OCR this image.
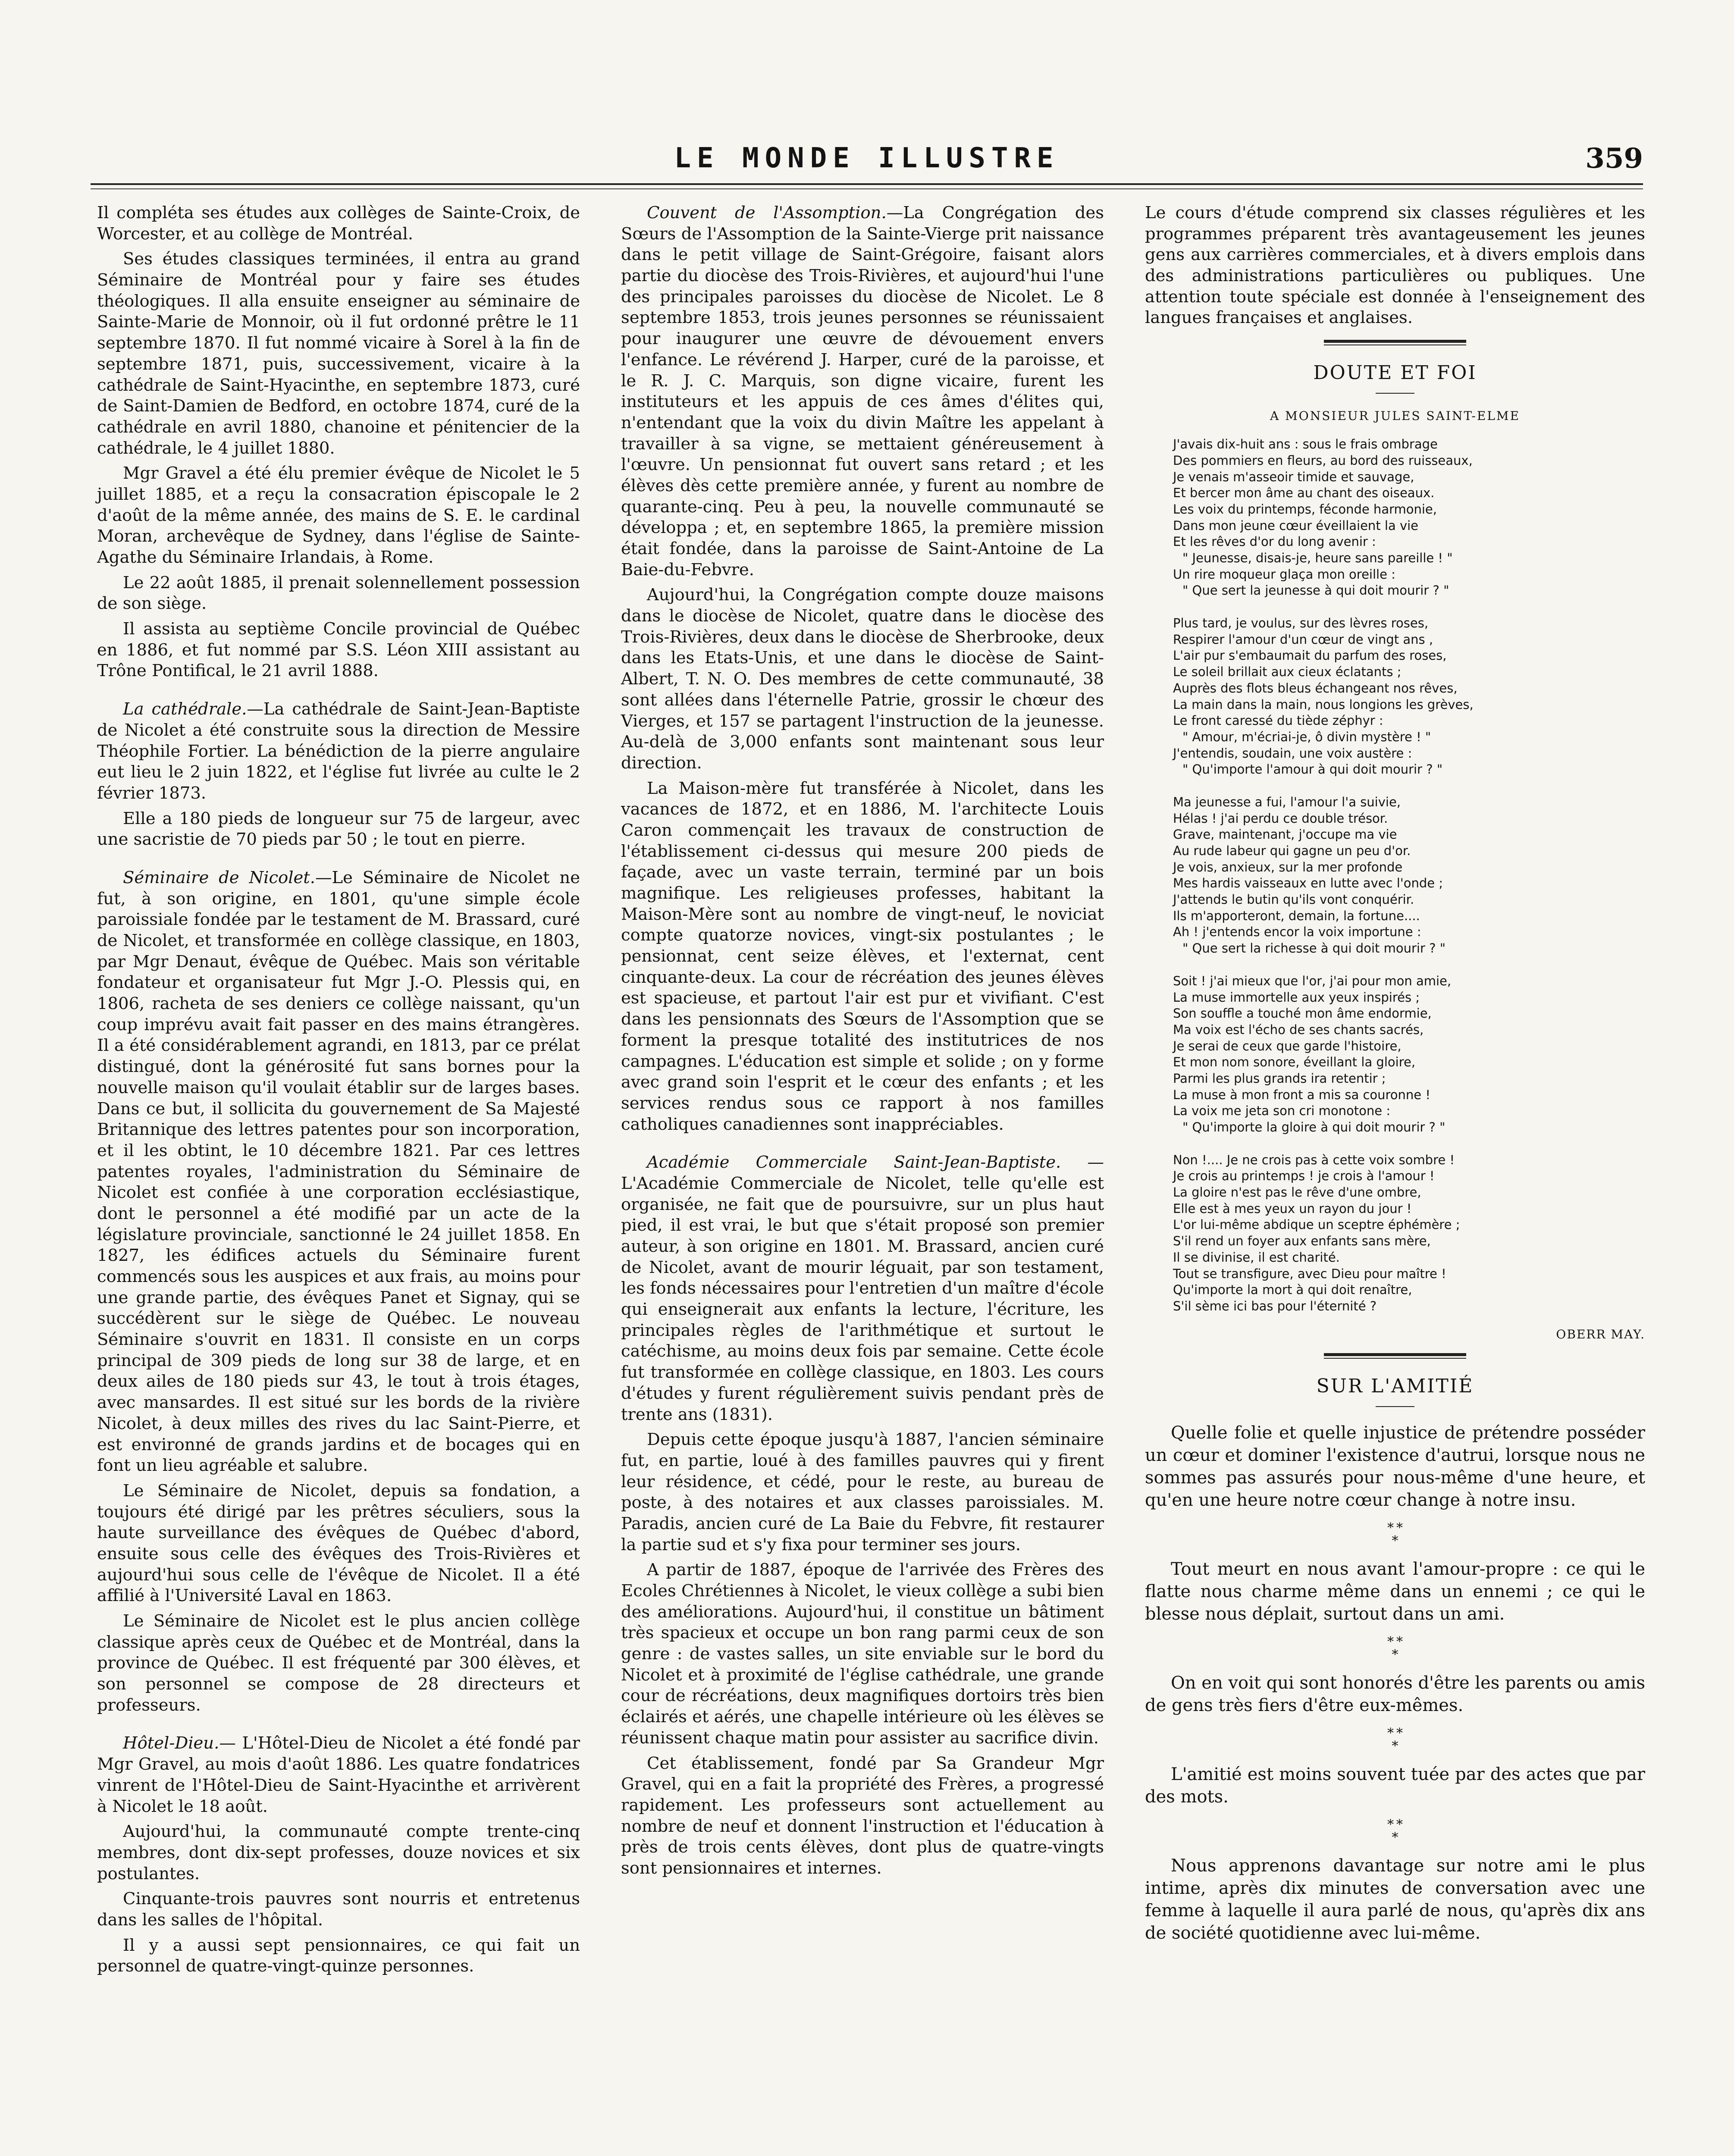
LE MONDE ILLUSTRE	359

Il compléta ses études aux collèges de Sainte-Croix, de Worcester, et au collège de Montréal.

Ses études classiques terminées, il entra au grand Séminaire de Montréal pour y faire ses études théologiques. Il alla ensuite enseigner au séminaire de Sainte-Marie de Monnoir, où il fut ordonné prêtre le 11 septembre 1870. Il fut nommé vicaire à Sorel à la fin de septembre 1871, puis, successivement, vicaire à la cathédrale de Saint-Hyacinthe, en septembre 1873, curé de Saint-Damien de Bedford, en octobre 1874, curé de la cathédrale en avril 1880, chanoine et pénitencier de la cathédrale, le 4 juillet 1880.

Mgr Gravel a été élu premier évêque de Nicolet le 5 juillet 1885, et a reçu la consacration épiscopale le 2 d'août de la même année, des mains de S. E. le cardinal Moran, archevêque de Sydney, dans l'église de Sainte-Agathe du Séminaire Irlandais, à Rome.

Le 22 août 1885, il prenait solennellement possession de son siège.

Il assista au septième Concile provincial de Québec en 1886, et fut nommé par S.S. Léon XIII assistant au Trône Pontifical, le 21 avril 1888.

La cathédrale.—La cathédrale de Saint-Jean-Baptiste de Nicolet a été construite sous la direction de Messire Théophile Fortier. La bénédiction de la pierre angulaire eut lieu le 2 juin 1822, et l'église fut livrée au culte le 2 février 1873.

Elle a 180 pieds de longueur sur 75 de largeur, avec une sacristie de 70 pieds par 50 ; le tout en pierre.

Séminaire de Nicolet.—Le Séminaire de Nicolet ne fut, à son origine, en 1801, qu'une simple école paroissiale fondée par le testament de M. Brassard, curé de Nicolet, et transformée en collège classique, en 1803, par Mgr Denaut, évêque de Québec. Mais son véritable fondateur et organisateur fut Mgr J.-O. Plessis qui, en 1806, racheta de ses deniers ce collège naissant, qu'un coup imprévu avait fait passer en des mains étrangères. Il a été considérablement agrandi, en 1813, par ce prélat distingué, dont la générosité fut sans bornes pour la nouvelle maison qu'il voulait établir sur de larges bases. Dans ce but, il sollicita du gouvernement de Sa Majesté Britannique des lettres patentes pour son incorporation, et il les obtint, le 10 décembre 1821. Par ces lettres patentes royales, l'administration du Séminaire de Nicolet est confiée à une corporation ecclésiastique, dont le personnel a été modifié par un acte de la législature provinciale, sanctionné le 24 juillet 1858. En 1827, les édifices actuels du Séminaire furent commencés sous les auspices et aux frais, au moins pour une grande partie, des évêques Panet et Signay, qui se succédèrent sur le siège de Québec. Le nouveau Séminaire s'ouvrit en 1831. Il consiste en un corps principal de 309 pieds de long sur 38 de large, et en deux ailes de 180 pieds sur 43, le tout à trois étages, avec mansardes. Il est situé sur les bords de la rivière Nicolet, à deux milles des rives du lac Saint-Pierre, et est environné de grands jardins et de bocages qui en font un lieu agréable et salubre.

Le Séminaire de Nicolet, depuis sa fondation, a toujours été dirigé par les prêtres séculiers, sous la haute surveillance des évêques de Québec d'abord, ensuite sous celle des évêques des Trois-Rivières et aujourd'hui sous celle de l'évêque de Nicolet. Il a été affilié à l'Université Laval en 1863.

Le Séminaire de Nicolet est le plus ancien collège classique après ceux de Québec et de Montréal, dans la province de Québec. Il est fréquenté par 300 élèves, et son personnel se compose de 28 directeurs et professeurs.

Hôtel-Dieu.— L'Hôtel-Dieu de Nicolet a été fondé par Mgr Gravel, au mois d'août 1886. Les quatre fondatrices vinrent de l'Hôtel-Dieu de Saint-Hyacinthe et arrivèrent à Nicolet le 18 août.

Aujourd'hui, la communauté compte trente-cinq membres, dont dix-sept professes, douze novices et six postulantes.

Cinquante-trois pauvres sont nourris et entretenus dans les salles de l'hôpital.

Il y a aussi sept pensionnaires, ce qui fait un personnel de quatre-vingt-quinze personnes.

Couvent de l'Assomption.—La Congrégation des Sœurs de l'Assomption de la Sainte-Vierge prit naissance dans le petit village de Saint-Grégoire, faisant alors partie du diocèse des Trois-Rivières, et aujourd'hui l'une des principales paroisses du diocèse de Nicolet. Le 8 septembre 1853, trois jeunes personnes se réunissaient pour inaugurer une œuvre de dévouement envers l'enfance. Le révérend J. Harper, curé de la paroisse, et le R. J. C. Marquis, son digne vicaire, furent les instituteurs et les appuis de ces âmes d'élites qui, n'entendant que la voix du divin Maître les appelant à travailler à sa vigne, se mettaient généreusement à l'œuvre. Un pensionnat fut ouvert sans retard ; et les élèves dès cette première année, y furent au nombre de quarante-cinq. Peu à peu, la nouvelle communauté se développa ; et, en septembre 1865, la première mission était fondée, dans la paroisse de Saint-Antoine de La Baie-du-Febvre.

Aujourd'hui, la Congrégation compte douze maisons dans le diocèse de Nicolet, quatre dans le diocèse des Trois-Rivières, deux dans le diocèse de Sherbrooke, deux dans les Etats-Unis, et une dans le diocèse de Saint-Albert, T. N. O. Des membres de cette communauté, 38 sont allées dans l'éternelle Patrie, grossir le chœur des Vierges, et 157 se partagent l'instruction de la jeunesse. Au-delà de 3,000 enfants sont maintenant sous leur direction.

La Maison-mère fut transférée à Nicolet, dans les vacances de 1872, et en 1886, M. l'architecte Louis Caron commençait les travaux de construction de l'établissement ci-dessus qui mesure 200 pieds de façade, avec un vaste terrain, terminé par un bois magnifique. Les religieuses professes, habitant la Maison-Mère sont au nombre de vingt-neuf, le noviciat compte quatorze novices, vingt-six postulantes ; le pensionnat, cent seize élèves, et l'externat, cent cinquante-deux. La cour de récréation des jeunes élèves est spacieuse, et partout l'air est pur et vivifiant. C'est dans les pensionnats des Sœurs de l'Assomption que se forment la presque totalité des institutrices de nos campagnes. L'éducation est simple et solide ; on y forme avec grand soin l'esprit et le cœur des enfants ; et les services rendus sous ce rapport à nos familles catholiques canadiennes sont inappréciables.

Académie Commerciale Saint-Jean-Baptiste. — L'Académie Commerciale de Nicolet, telle qu'elle est organisée, ne fait que de poursuivre, sur un plus haut pied, il est vrai, le but que s'était proposé son premier auteur, à son origine en 1801. M. Brassard, ancien curé de Nicolet, avant de mourir léguait, par son testament, les fonds nécessaires pour l'entretien d'un maître d'école qui enseignerait aux enfants la lecture, l'écriture, les principales règles de l'arithmétique et surtout le catéchisme, au moins deux fois par semaine. Cette école fut transformée en collège classique, en 1803. Les cours d'études y furent régulièrement suivis pendant près de trente ans (1831).

Depuis cette époque jusqu'à 1887, l'ancien séminaire fut, en partie, loué à des familles pauvres qui y firent leur résidence, et cédé, pour le reste, au bureau de poste, à des notaires et aux classes paroissiales. M. Paradis, ancien curé de La Baie du Febvre, fit restaurer la partie sud et s'y fixa pour terminer ses jours.

A partir de 1887, époque de l'arrivée des Frères des Ecoles Chrétiennes à Nicolet, le vieux collège a subi bien des améliorations. Aujourd'hui, il constitue un bâtiment très spacieux et occupe un bon rang parmi ceux de son genre : de vastes salles, un site enviable sur le bord du Nicolet et à proximité de l'église cathédrale, une grande cour de récréations, deux magnifiques dortoirs très bien éclairés et aérés, une chapelle intérieure où les élèves se réunissent chaque matin pour assister au sacrifice divin.

Cet établissement, fondé par Sa Grandeur Mgr Gravel, qui en a fait la propriété des Frères, a progressé rapidement. Les professeurs sont actuellement au nombre de neuf et donnent l'instruction et l'éducation à près de trois cents élèves, dont plus de quatre-vingts sont pensionnaires et internes.

Le cours d'étude comprend six classes régulières et les programmes préparent très avantageusement les jeunes gens aux carrières commerciales, et à divers emplois dans des administrations particulières ou publiques. Une attention toute spéciale est donnée à l'enseignement des langues françaises et anglaises.

DOUTE ET FOI
A MONSIEUR JULES SAINT-ELME
J'avais dix-huit ans : sous le frais ombrage
Des pommiers en fleurs, au bord des ruisseaux,
Je venais m'asseoir timide et sauvage,
Et bercer mon âme au chant des oiseaux.
Les voix du printemps, féconde harmonie,
Dans mon jeune cœur éveillaient la vie
Et les rêves d'or du long avenir :
" Jeunesse, disais-je, heure sans pareille ! "
Un rire moqueur glaça mon oreille :
" Que sert la jeunesse à qui doit mourir ? "
Plus tard, je voulus, sur des lèvres roses,
Respirer l'amour d'un cœur de vingt ans ,
L'air pur s'embaumait du parfum des roses,
Le soleil brillait aux cieux éclatants ;
Auprès des flots bleus échangeant nos rêves,
La main dans la main, nous longions les grèves,
Le front caressé du tiède zéphyr :
" Amour, m'écriai-je, ô divin mystère ! "
J'entendis, soudain, une voix austère :
" Qu'importe l'amour à qui doit mourir ? "
Ma jeunesse a fui, l'amour l'a suivie,
Hélas ! j'ai perdu ce double trésor.
Grave, maintenant, j'occupe ma vie
Au rude labeur qui gagne un peu d'or.
Je vois, anxieux, sur la mer profonde
Mes hardis vaisseaux en lutte avec l'onde ;
J'attends le butin qu'ils vont conquérir.
Ils m'apporteront, demain, la fortune....
Ah ! j'entends encor la voix importune :
" Que sert la richesse à qui doit mourir ? "
Soit ! j'ai mieux que l'or, j'ai pour mon amie,
La muse immortelle aux yeux inspirés ;
Son souffle a touché mon âme endormie,
Ma voix est l'écho de ses chants sacrés,
Je serai de ceux que garde l'histoire,
Et mon nom sonore, éveillant la gloire,
Parmi les plus grands ira retentir ;
La muse à mon front a mis sa couronne !
La voix me jeta son cri monotone :
" Qu'importe la gloire à qui doit mourir ? "
Non !.... Je ne crois pas à cette voix sombre !
Je crois au printemps ! je crois à l'amour !
La gloire n'est pas le rêve d'une ombre,
Elle est à mes yeux un rayon du jour !
L'or lui-même abdique un sceptre éphémère ;
S'il rend un foyer aux enfants sans mère,
Il se divinise, il est charité.
Tout se transfigure, avec Dieu pour maître !
Qu'importe la mort à qui doit renaître,
S'il sème ici bas pour l'éternité ?
OBERR MAY.
SUR L'AMITIÉ

Quelle folie et quelle injustice de prétendre posséder un cœur et dominer l'existence d'autrui, lorsque nous ne sommes pas assurés pour nous-même d'une heure, et qu'en une heure notre cœur change à notre insu.

* *
*

Tout meurt en nous avant l'amour-propre : ce qui le flatte nous charme même dans un ennemi ; ce qui le blesse nous déplait, surtout dans un ami.

* *
*

On en voit qui sont honorés d'être les parents ou amis de gens très fiers d'être eux-mêmes.

* *
*

L'amitié est moins souvent tuée par des actes que par des mots.

* *
*

Nous apprenons davantage sur notre ami le plus intime, après dix minutes de conversation avec une femme à laquelle il aura parlé de nous, qu'après dix ans de société quotidienne avec lui-même.
